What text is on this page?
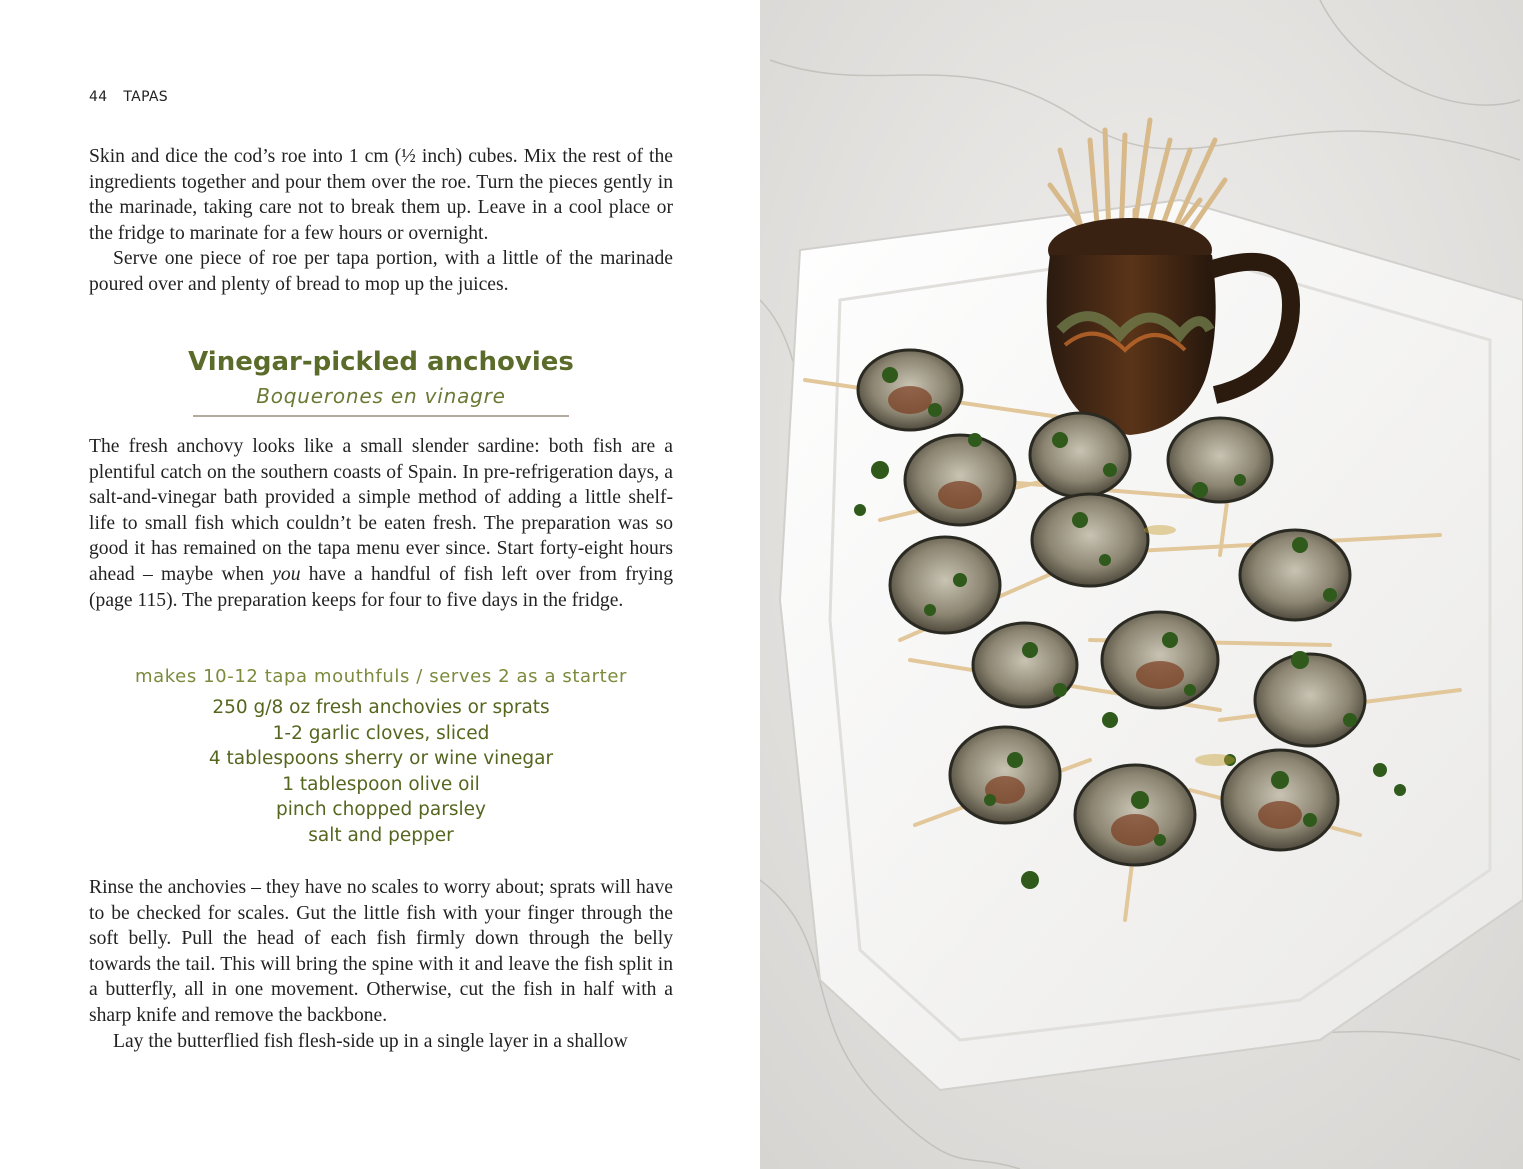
44 TAPAS

Skin and dice the cod’s roe into 1 cm (½ inch) cubes. Mix the rest of the ingredients together and pour them over the roe. Turn the pieces gently in the marinade, taking care not to break them up. Leave in a cool place or the fridge to marinate for a few hours or overnight.

Serve one piece of roe per tapa portion, with a little of the marinade poured over and plenty of bread to mop up the juices.

Vinegar-pickled anchovies
Boquerones en vinagre

The fresh anchovy looks like a small slender sardine: both fish are a plentiful catch on the southern coasts of Spain. In pre-refrigeration days, a salt-and-vinegar bath provided a simple method of adding a little shelf-life to small fish which couldn’t be eaten fresh. The preparation was so good it has remained on the tapa menu ever since. Start forty-eight hours ahead – maybe when you have a handful of fish left over from frying (page 115). The preparation keeps for four to five days in the fridge.

makes 10-12 tapa mouthfuls / serves 2 as a starter
250 g/8 oz fresh anchovies or sprats
1-2 garlic cloves, sliced
4 tablespoons sherry or wine vinegar
1 tablespoon olive oil
pinch chopped parsley
salt and pepper

Rinse the anchovies – they have no scales to worry about; sprats will have to be checked for scales. Gut the little fish with your finger through the soft belly. Pull the head of each fish firmly down through the belly towards the tail. This will bring the spine with it and leave the fish split in a butterfly, all in one movement. Otherwise, cut the fish in half with a sharp knife and remove the backbone.

Lay the butterflied fish flesh-side up in a single layer in a shallow
